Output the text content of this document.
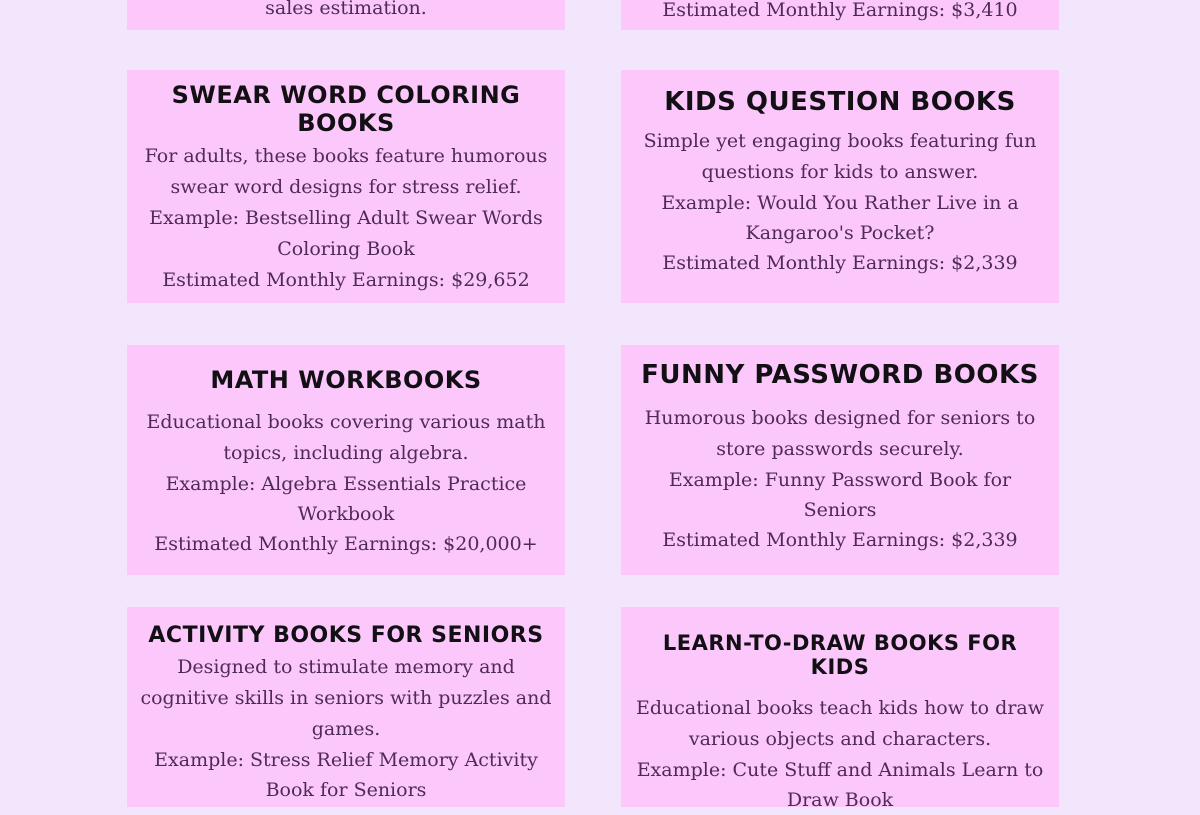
sales estimation.	Estimated Monthly Earnings: $3,410

SWEAR WORD COLORING BOOKS

For adults, these books feature humorous swear word designs for stress relief. Example: Bestselling Adult Swear Words Coloring Book

Estimated Monthly Earnings: $29,652

KIDS QUESTION BOOKS

Simple yet engaging books featuring fun questions for kids to answer.

Example: Would You Rather Live in a Kangaroo's Pocket?

Estimated Monthly Earnings: $2,339

MATH WORKBOOKS

Educational books covering various math topics, including algebra.

Example: Algebra Essentials Practice Workbook

Estimated Monthly Earnings: $20,000+

FUNNY PASSWORD BOOKS

Humorous books designed for seniors to store passwords securely.

Example: Funny Password Book for Seniors

Estimated Monthly Earnings: $2,339

ACTIVITY BOOKS FOR SENIORS

Designed to stimulate memory and cognitive skills in seniors with puzzles and games.

Example: Stress Relief Memory Activity Book for Seniors

LEARN-TO-DRAW BOOKS FOR KIDS

Educational books teach kids how to draw various objects and characters.

Example: Cute Stuff and Animals Learn to Draw Book
